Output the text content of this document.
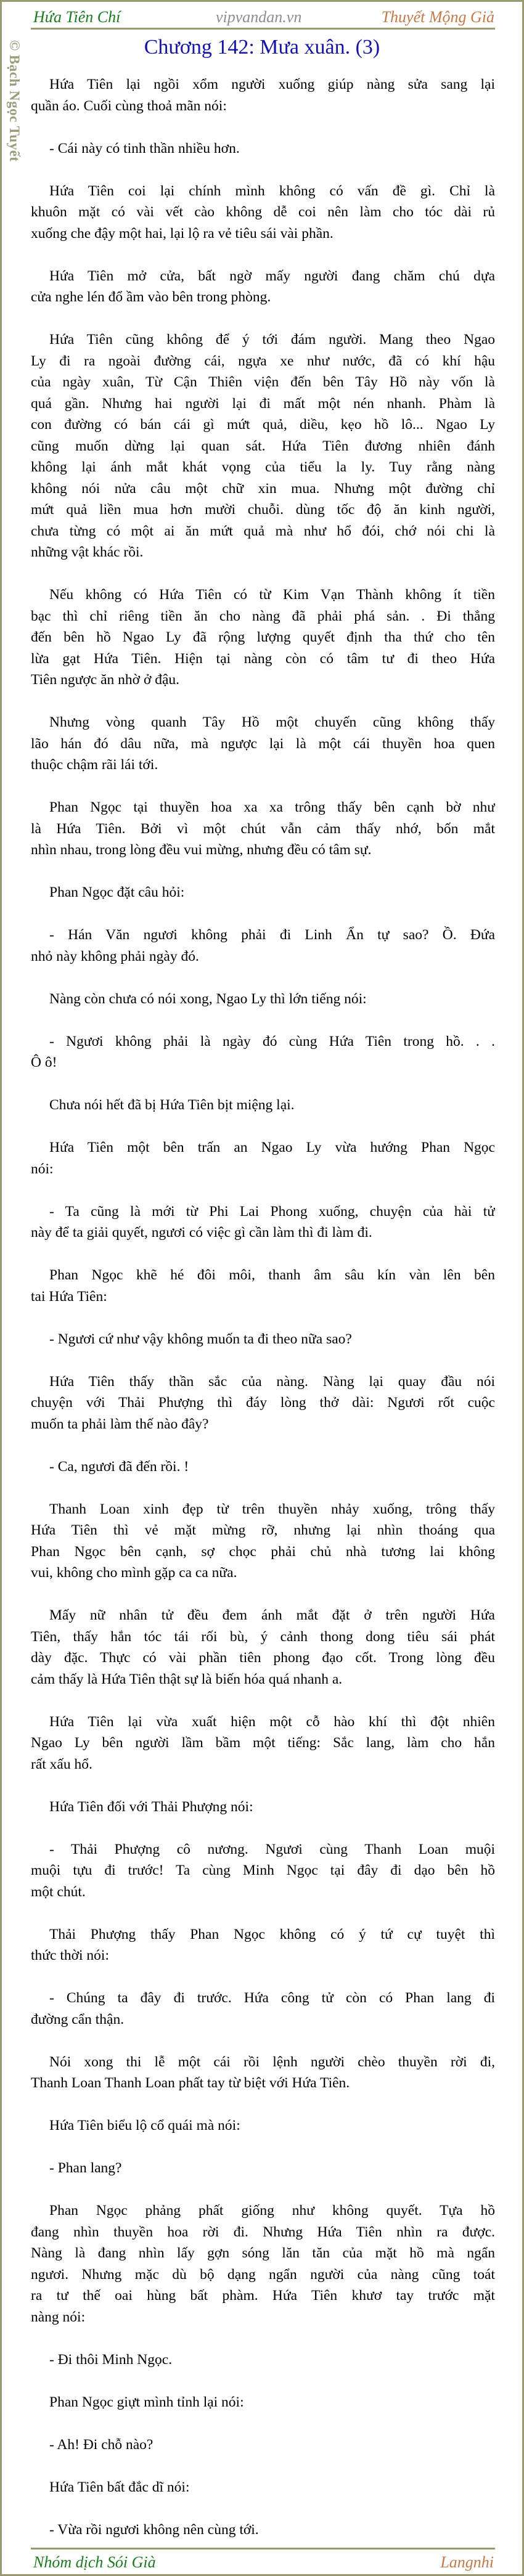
© Bạch Ngọc Tuyết
Hứa Tiên Chí	vipvandan.vn	Thuyết Mộng Giả
Chương 142: Mưa xuân. (3)

Hứa Tiên lại ngồi xổm người xuống giúp nàng sửa sang lại
quần áo. Cuối cùng thoả mãn nói:

- Cái này có tinh thần nhiều hơn.

Hứa Tiên coi lại chính mình không có vấn đề gì. Chỉ là
khuôn mặt có vài vết cào không dễ coi nên làm cho tóc dài rủ
xuống che đậy một hai, lại lộ ra vẻ tiêu sái vài phần.

Hứa Tiên mở cửa, bất ngờ mấy người đang chăm chú dựa
cửa nghe lén đổ ầm vào bên trong phòng.

Hứa Tiên cũng không để ý tới đám người. Mang theo Ngao
Ly đi ra ngoài đường cái, ngựa xe như nước, đã có khí hậu
của ngày xuân, Từ Cận Thiên viện đến bên Tây Hồ này vốn là
quá gần. Nhưng hai người lại đi mất một nén nhanh. Phàm là
con đường có bán cái gì mứt quả, diều, kẹo hồ lô... Ngao Ly
cũng muốn dừng lại quan sát. Hứa Tiên đương nhiên đánh
không lại ánh mắt khát vọng của tiểu la ly. Tuy rằng nàng
không nói nửa câu một chữ xin mua. Nhưng một đường chỉ
mứt quả liền mua hơn mười chuỗi. dùng tốc độ ăn kinh người,
chưa từng có một ai ăn mứt quả mà như hổ đói, chớ nói chi là
những vật khác rồi.

Nếu không có Hứa Tiên có từ Kim Vạn Thành không ít tiền
bạc thì chỉ riêng tiền ăn cho nàng đã phải phá sản. . Đi thẳng
đến bên hồ Ngao Ly đã rộng lượng quyết định tha thứ cho tên
lừa gạt Hứa Tiên. Hiện tại nàng còn có tâm tư đi theo Hứa
Tiên ngược ăn nhờ ở đậu.

Nhưng vòng quanh Tây Hồ một chuyến cũng không thấy
lão hán đó dâu nữa, mà ngược lại là một cái thuyền hoa quen
thuộc chậm rãi lái tới.

Phan Ngọc tại thuyền hoa xa xa trông thấy bên cạnh bờ như
là Hứa Tiên. Bởi vì một chút vẫn cảm thấy nhớ, bốn mắt
nhìn nhau, trong lòng đều vui mừng, nhưng đều có tâm sự.

Phan Ngọc đặt câu hỏi:

- Hán Văn ngươi không phải đi Linh Ẩn tự sao? Ồ. Đứa
nhỏ này không phải ngày đó.

Nàng còn chưa có nói xong, Ngao Ly thì lớn tiếng nói:

- Ngươi không phải là ngày đó cùng Hứa Tiên trong hồ. . .
Ô ô!

Chưa nói hết đã bị Hứa Tiên bịt miệng lại.

Hứa Tiên một bên trấn an Ngao Ly vừa hướng Phan Ngọc
nói:

- Ta cũng là mới từ Phi Lai Phong xuống, chuyện của hài tử
này để ta giải quyết, ngươi có việc gì cần làm thì đi làm đi.

Phan Ngọc khẽ hé đôi môi, thanh âm sâu kín vàn lên bên
tai Hứa Tiên:

- Ngươi cứ như vậy không muốn ta đi theo nữa sao?

Hứa Tiên thấy thần sắc của nàng. Nàng lại quay đầu nói
chuyện với Thải Phượng thì đáy lòng thở dài: Ngươi rốt cuộc
muốn ta phải làm thế nào đây?

- Ca, ngươi đã đến rồi. !

Thanh Loan xinh đẹp từ trên thuyền nhảy xuống, trông thấy
Hứa Tiên thì vẻ mặt mừng rỡ, nhưng lại nhìn thoáng qua
Phan Ngọc bên cạnh, sợ chọc phải chủ nhà tương lai không
vui, không cho mình gặp ca ca nữa.

Mấy nữ nhân tử đều đem ánh mắt đặt ở trên người Hứa
Tiên, thấy hắn tóc tái rối bù, ý cảnh thong dong tiêu sái phát
dày đặc. Thực có vài phần tiên phong đạo cốt. Trong lòng đều
cảm thấy là Hứa Tiên thật sự là biến hóa quá nhanh a.

Hứa Tiên lại vừa xuất hiện một cỗ hào khí thì đột nhiên
Ngao Ly bên người lầm bầm một tiếng: Sắc lang, làm cho hắn
rất xấu hổ.

Hứa Tiên đối với Thải Phượng nói:

- Thải Phượng cô nương. Ngươi cùng Thanh Loan muội
muội tựu đi trước! Ta cùng Minh Ngọc tại đây đi dạo bên hồ
một chút.

Thải Phượng thấy Phan Ngọc không có ý tứ cự tuyệt thì
thức thời nói:

- Chúng ta đây đi trước. Hứa công tử còn có Phan lang đi
đường cẩn thận.

Nói xong thi lễ một cái rồi lệnh người chèo thuyền rời đi,
Thanh Loan Thanh Loan phất tay từ biệt với Hứa Tiên.

Hứa Tiên biểu lộ cổ quái mà nói:

- Phan lang?

Phan Ngọc phảng phất giống như không quyết. Tựa hồ
đang nhìn thuyền hoa rời đi. Nhưng Hứa Tiên nhìn ra được.
Nàng là đang nhìn lấy gợn sóng lăn tăn của mặt hồ mà ngẩn
ngươi. Nhưng mặc dù bộ dạng ngẩn người của nàng cũng toát
ra tư thế oai hùng bất phàm. Hứa Tiên khươ tay trước mặt
nàng nói:

- Đi thôi Minh Ngọc.

Phan Ngọc giựt mình tỉnh lại nói:

- Ah! Đi chỗ nào?

Hứa Tiên bất đắc dĩ nói:

- Vừa rồi ngươi không nên cùng tới.

Nhóm dịch Sói Già	Langnhi
